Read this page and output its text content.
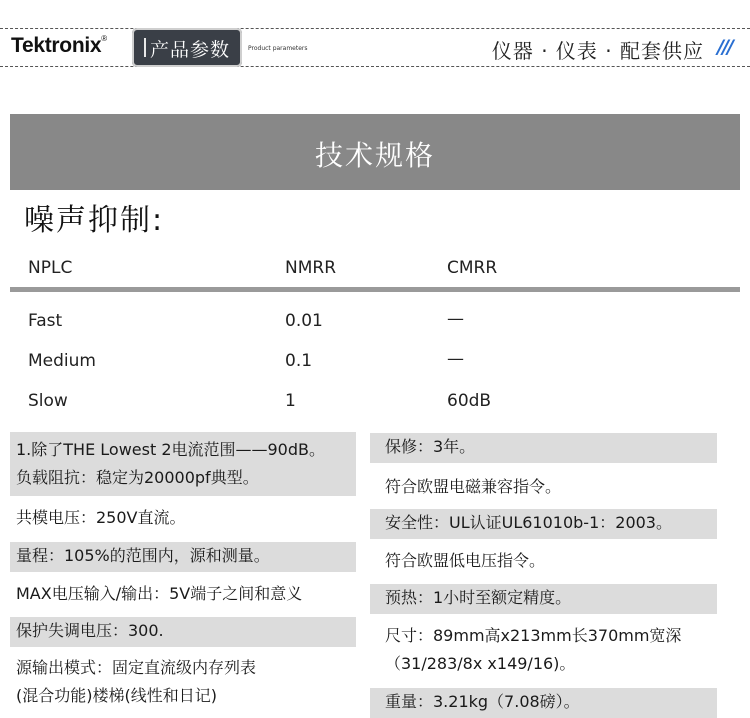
Tektronix®
产品参数	Product parameters	仪器 · 仪表 · 配套供应 ///
技术规格
噪声抑制:
NPLC	NMRR	CMRR
Fast	0.01	—
Medium	0.1	—
Slow	1	60dB
1.除了THE Lowest 2电流范围——90dB。
负载阻抗：稳定为20000pf典型。
共模电压：250V直流。
量程：105%的范围内，源和测量。
MAX电压输入/输出：5V端子之间和意义
保护失调电压：300.
源输出模式：固定直流级内存列表
(混合功能)楼梯(线性和日记)
保修：3年。
符合欧盟电磁兼容指令。
安全性：UL认证UL61010b-1：2003。
符合欧盟低电压指令。
预热：1小时至额定精度。
尺寸：89mm高x213mm长370mm宽深
（31/283/8x x149/16)。
重量：3.21kg（7.08磅）。
